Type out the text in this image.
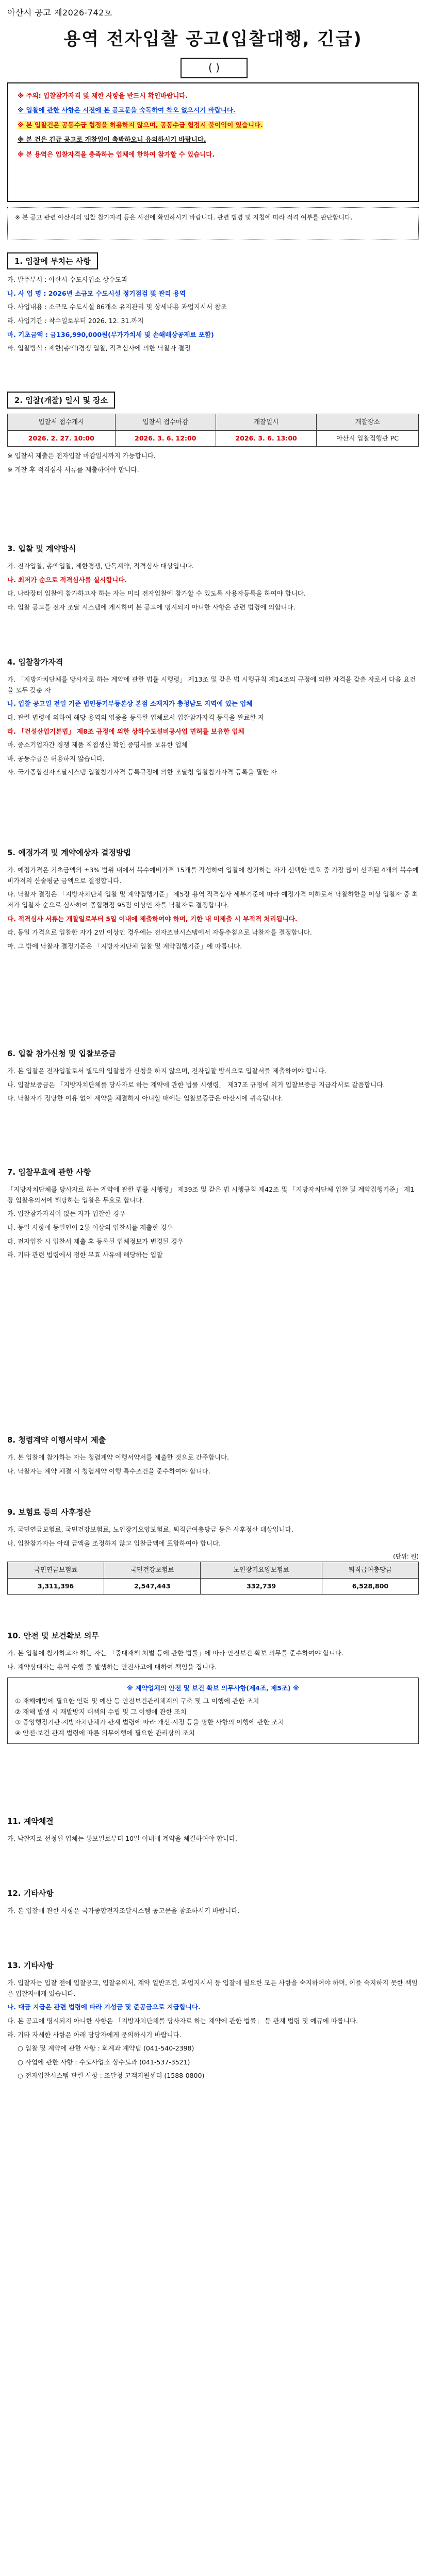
아산시 공고 제2026-742호
용역 전자입찰 공고(입찰대행, 긴급)
( )

※ 주의: 입찰참가자격 및 제한 사항을 반드시 확인바랍니다.

※ 입찰에 관한 사항은 시전에 본 공고문을 숙독하여 착오 없으시기 바랍니다.

※ 본 입찰건은 공동수급 협정을 허용하지 않으며, 공동수급 협정시 불이익이 있습니다.

※ 본 건은 긴급 공고로 개찰일이 촉박하오니 유의하시기 바랍니다.

※ 본 용역은 입찰자격을 충족하는 업체에 한하여 참가할 수 있습니다.

※ 본 공고 관련 아산시의 입찰 참가자격 등은 사전에 확인하시기 바랍니다. 관련 법령 및 지침에 따라 적격 여부를 판단합니다.
1. 입찰에 부치는 사항

가. 발주부서 : 아산시 수도사업소 상수도과

나. 사 업 명 : 2026년 소규모 수도시설 정기점검 및 관리 용역

다. 사업내용 : 소규모 수도시설 86개소 유지관리 및 상세내용 과업지시서 참조

라. 사업기간 : 착수일로부터 2026. 12. 31.까지

마. 기초금액 : 금136,990,000원(부가가치세 및 손해배상공제료 포함)

바. 입찰방식 : 제한(총액)경쟁 입찰, 적격심사에 의한 낙찰자 결정

2. 입찰(개찰) 일시 및 장소
입찰서 접수개시	입찰서 접수마감	개찰일시	개찰장소
2026. 2. 27. 10:00	2026. 3. 6. 12:00	2026. 3. 6. 13:00	아산시 입찰집행관 PC

※ 입찰서 제출은 전자입찰 마감일시까지 가능합니다.

※ 개찰 후 적격심사 서류를 제출하여야 합니다.

3. 입찰 및 계약방식

가. 전자입찰, 총액입찰, 제한경쟁, 단독계약, 적격심사 대상입니다.

나. 최저가 순으로 적격심사를 실시합니다.

다. 나라장터 입찰에 참가하고자 하는 자는 미리 전자입찰에 참가할 수 있도록 사용자등록을 하여야 합니다.

라. 입찰 공고를 전자 조달 시스템에 게시하며 본 공고에 명시되지 아니한 사항은 관련 법령에 의합니다.

4. 입찰참가자격

가. 「지방자치단체를 당사자로 하는 계약에 관한 법률 시행령」 제13조 및 같은 법 시행규칙 제14조의 규정에 의한 자격을 갖춘 자로서 다음 요건을 모두 갖춘 자

나. 입찰 공고일 전일 기준 법인등기부등본상 본점 소재지가 충청남도 지역에 있는 업체

다. 관련 법령에 의하여 해당 용역의 업종을 등록한 업체로서 입찰참가자격 등록을 완료한 자

라. 「건설산업기본법」 제8조 규정에 의한 상하수도설비공사업 면허를 보유한 업체

마. 중소기업자간 경쟁 제품 직접생산 확인 증명서를 보유한 업체

바. 공동수급은 허용하지 않습니다.

사. 국가종합전자조달시스템 입찰참가자격 등록규정에 의한 조달청 입찰참가자격 등록을 필한 자

5. 예정가격 및 계약예상자 결정방법

가. 예정가격은 기초금액의 ±3% 범위 내에서 복수예비가격 15개를 작성하여 입찰에 참가하는 자가 선택한 번호 중 가장 많이 선택된 4개의 복수예비가격의 산술평균 금액으로 결정합니다.

나. 낙찰자 결정은 「지방자치단체 입찰 및 계약집행기준」 제5장 용역 적격심사 세부기준에 따라 예정가격 이하로서 낙찰하한율 이상 입찰자 중 최저가 입찰자 순으로 심사하여 종합평점 95점 이상인 자를 낙찰자로 결정합니다.

다. 적격심사 서류는 개찰일로부터 5일 이내에 제출하여야 하며, 기한 내 미제출 시 부적격 처리됩니다.

라. 동일 가격으로 입찰한 자가 2인 이상인 경우에는 전자조달시스템에서 자동추첨으로 낙찰자를 결정합니다.

마. 그 밖에 낙찰자 결정기준은 「지방자치단체 입찰 및 계약집행기준」에 따릅니다.

6. 입찰 참가신청 및 입찰보증금

가. 본 입찰은 전자입찰로서 별도의 입찰참가 신청을 하지 않으며, 전자입찰 방식으로 입찰서를 제출하여야 합니다.

나. 입찰보증금은 「지방자치단체를 당사자로 하는 계약에 관한 법률 시행령」 제37조 규정에 의거 입찰보증금 지급각서로 갈음합니다.

다. 낙찰자가 정당한 이유 없이 계약을 체결하지 아니할 때에는 입찰보증금은 아산시에 귀속됩니다.

7. 입찰무효에 관한 사항

「지방자치단체를 당사자로 하는 계약에 관한 법률 시행령」 제39조 및 같은 법 시행규칙 제42조 및 「지방자치단체 입찰 및 계약집행기준」 제1장 입찰유의서에 해당하는 입찰은 무효로 합니다.

가. 입찰참가자격이 없는 자가 입찰한 경우

나. 동일 사항에 동일인이 2통 이상의 입찰서를 제출한 경우

다. 전자입찰 시 입찰서 제출 후 등록된 업체정보가 변경된 경우

라. 기타 관련 법령에서 정한 무효 사유에 해당하는 입찰

8. 청렴계약 이행서약서 제출

가. 본 입찰에 참가하는 자는 청렴계약 이행서약서를 제출한 것으로 간주합니다.

나. 낙찰자는 계약 체결 시 청렴계약 이행 특수조건을 준수하여야 합니다.

9. 보험료 등의 사후정산

가. 국민연금보험료, 국민건강보험료, 노인장기요양보험료, 퇴직급여충당금 등은 사후정산 대상입니다.

나. 입찰참가자는 아래 금액을 조정하지 않고 입찰금액에 포함하여야 합니다.

(단위: 원)
국민연금보험료	국민건강보험료	노인장기요양보험료	퇴직급여충당금
3,311,396	2,547,443	332,739	6,528,800
10. 안전 및 보건확보 의무

가. 본 입찰에 참가하고자 하는 자는 「중대재해 처벌 등에 관한 법률」에 따라 안전보건 확보 의무를 준수하여야 합니다.

나. 계약상대자는 용역 수행 중 발생하는 안전사고에 대하여 책임을 집니다.

※ 계약업체의 안전 및 보건 확보 의무사항(제4조, 제5조) ※
① 재해예방에 필요한 인력 및 예산 등 안전보건관리체계의 구축 및 그 이행에 관한 조치
② 재해 발생 시 재발방지 대책의 수립 및 그 이행에 관한 조치
③ 중앙행정기관·지방자치단체가 관계 법령에 따라 개선·시정 등을 명한 사항의 이행에 관한 조치
④ 안전·보건 관계 법령에 따른 의무이행에 필요한 관리상의 조치
11. 계약체결

가. 낙찰자로 선정된 업체는 통보일로부터 10일 이내에 계약을 체결하여야 합니다.

12. 기타사항

가. 본 입찰에 관한 사항은 국가종합전자조달시스템 공고문을 참조하시기 바랍니다.

13. 기타사항

가. 입찰자는 입찰 전에 입찰공고, 입찰유의서, 계약 일반조건, 과업지시서 등 입찰에 필요한 모든 사항을 숙지하여야 하며, 이를 숙지하지 못한 책임은 입찰자에게 있습니다.

나. 대금 지급은 관련 법령에 따라 기성금 및 준공금으로 지급합니다.

다. 본 공고에 명시되지 아니한 사항은 「지방자치단체를 당사자로 하는 계약에 관한 법률」 등 관계 법령 및 예규에 따릅니다.

라. 기타 자세한 사항은 아래 담당자에게 문의하시기 바랍니다.

○ 입찰 및 계약에 관한 사항 : 회계과 계약팀 (041-540-2398)

○ 사업에 관한 사항 : 수도사업소 상수도과 (041-537-3521)

○ 전자입찰시스템 관련 사항 : 조달청 고객지원센터 (1588-0800)
